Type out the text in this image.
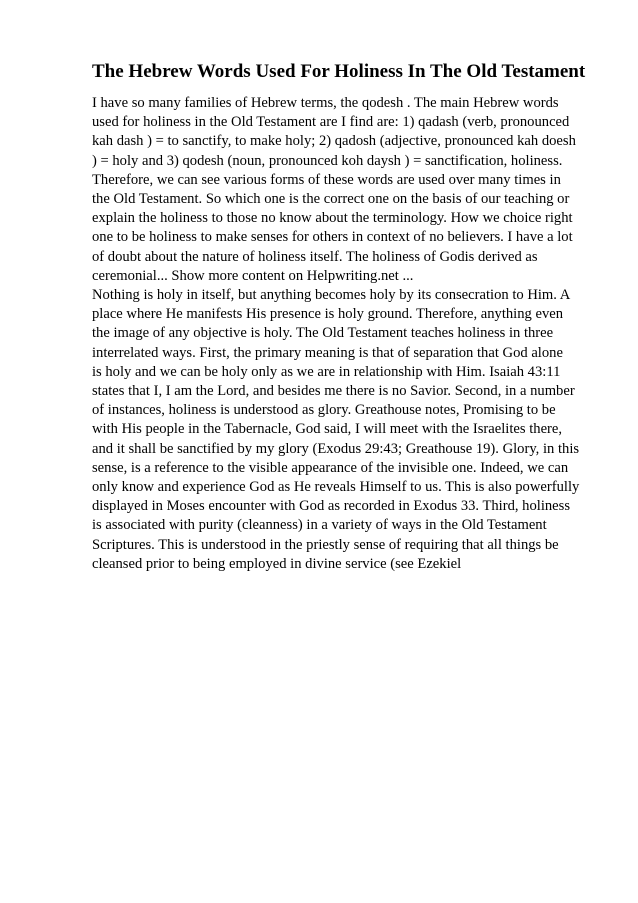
The Hebrew Words Used For Holiness In The Old Testament
I have so many families of Hebrew terms, the qodesh . The main Hebrew words
used for holiness in the Old Testament are I find are: 1) qadash (verb, pronounced
kah dash ) = to sanctify, to make holy; 2) qadosh (adjective, pronounced kah doesh
) = holy and 3) qodesh (noun, pronounced koh daysh ) = sanctification, holiness.
Therefore, we can see various forms of these words are used over many times in
the Old Testament. So which one is the correct one on the basis of our teaching or
explain the holiness to those no know about the terminology. How we choice right
one to be holiness to make senses for others in context of no believers. I have a lot
of doubt about the nature of holiness itself. The holiness of Godis derived as
ceremonial... Show more content on Helpwriting.net ...
Nothing is holy in itself, but anything becomes holy by its consecration to Him. A
place where He manifests His presence is holy ground. Therefore, anything even
the image of any objective is holy. The Old Testament teaches holiness in three
interrelated ways. First, the primary meaning is that of separation that God alone
is holy and we can be holy only as we are in relationship with Him. Isaiah 43:11
states that I, I am the Lord, and besides me there is no Savior. Second, in a number
of instances, holiness is understood as glory. Greathouse notes, Promising to be
with His people in the Tabernacle, God said, I will meet with the Israelites there,
and it shall be sanctified by my glory (Exodus 29:43; Greathouse 19). Glory, in this
sense, is a reference to the visible appearance of the invisible one. Indeed, we can
only know and experience God as He reveals Himself to us. This is also powerfully
displayed in Moses encounter with God as recorded in Exodus 33. Third, holiness
is associated with purity (cleanness) in a variety of ways in the Old Testament
Scriptures. This is understood in the priestly sense of requiring that all things be
cleansed prior to being employed in divine service (see Ezekiel
